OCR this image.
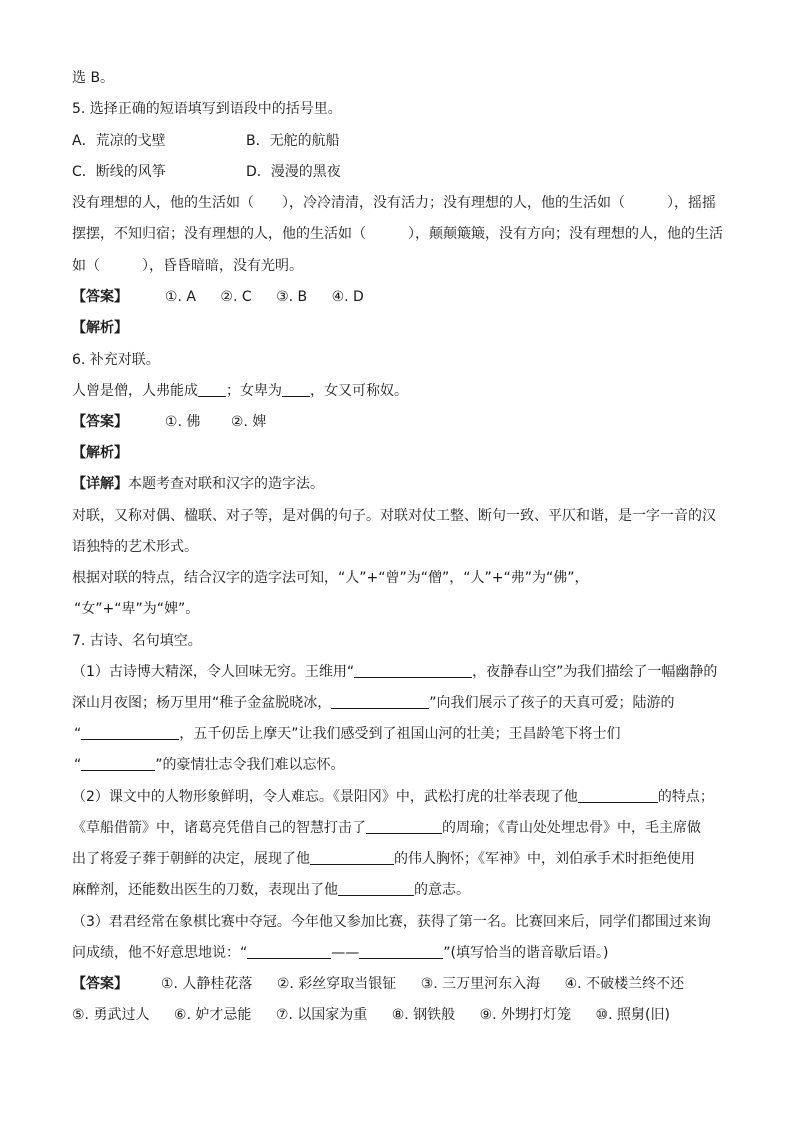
选 B。
5. 选择正确的短语填写到语段中的括号里。
A．荒凉的戈壁	B．无舵的航船
C．断线的风筝	D．漫漫的黑夜
没有理想的人，他的生活如（　　），冷冷清清，没有活力；没有理想的人，他的生活如（　　　），摇摇
摆摆，不知归宿；没有理想的人，他的生活如（　　　），颠颠簸簸，没有方向；没有理想的人，他的生活
如（　　　），昏昏暗暗，没有光明。
【答案】	①. A ②. C ③. B ④. D
【解析】
6. 补充对联。
人曾是僧，人弗能成 ；女卑为 ，女又可称奴。
【答案】	①. 佛 ②. 婢
【解析】
【详解】本题考查对联和汉字的造字法。
对联，又称对偶、楹联、对子等，是对偶的句子。对联对仗工整、断句一致、平仄和谐，是一字一音的汉
语独特的艺术形式。
根据对联的特点，结合汉字的造字法可知，“人”+“曾”为“僧”，“人”+“弗”为“佛”，
“女”+“卑”为“婢”。
7. 古诗、名句填空。
（1）古诗博大精深，令人回味无穷。王维用“	，夜静春山空”为我们描绘了一幅幽静的
深山月夜图；杨万里用“稚子金盆脱晓冰，	”向我们展示了孩子的天真可爱；陆游的
“	，五千仞岳上摩天”让我们感受到了祖国山河的壮美；王昌龄笔下将士们
“	”的豪情壮志令我们难以忘怀。
（2）课文中的人物形象鲜明，令人难忘。《景阳冈》中，武松打虎的壮举表现了他	的特点；
《草船借箭》中，诸葛亮凭借自己的智慧打击了	的周瑜；《青山处处埋忠骨》中，毛主席做
出了将爱子葬于朝鲜的决定，展现了他	的伟人胸怀；《军神》中，刘伯承手术时拒绝使用
麻醉剂，还能数出医生的刀数，表现出了他	的意志。
（3）君君经常在象棋比赛中夺冠。今年他又参加比赛，获得了第一名。比赛回来后，同学们都围过来询
问成绩，他不好意思地说：“	——	”(填写恰当的谐音歇后语。)
【答案】 ①. 人静桂花落 ②. 彩丝穿取当银钲 ③. 三万里河东入海 ④. 不破楼兰终不还
⑤. 勇武过人 ⑥. 妒才忌能 ⑦. 以国家为重 ⑧. 钢铁般 ⑨. 外甥打灯笼 ⑩. 照舅(旧)
